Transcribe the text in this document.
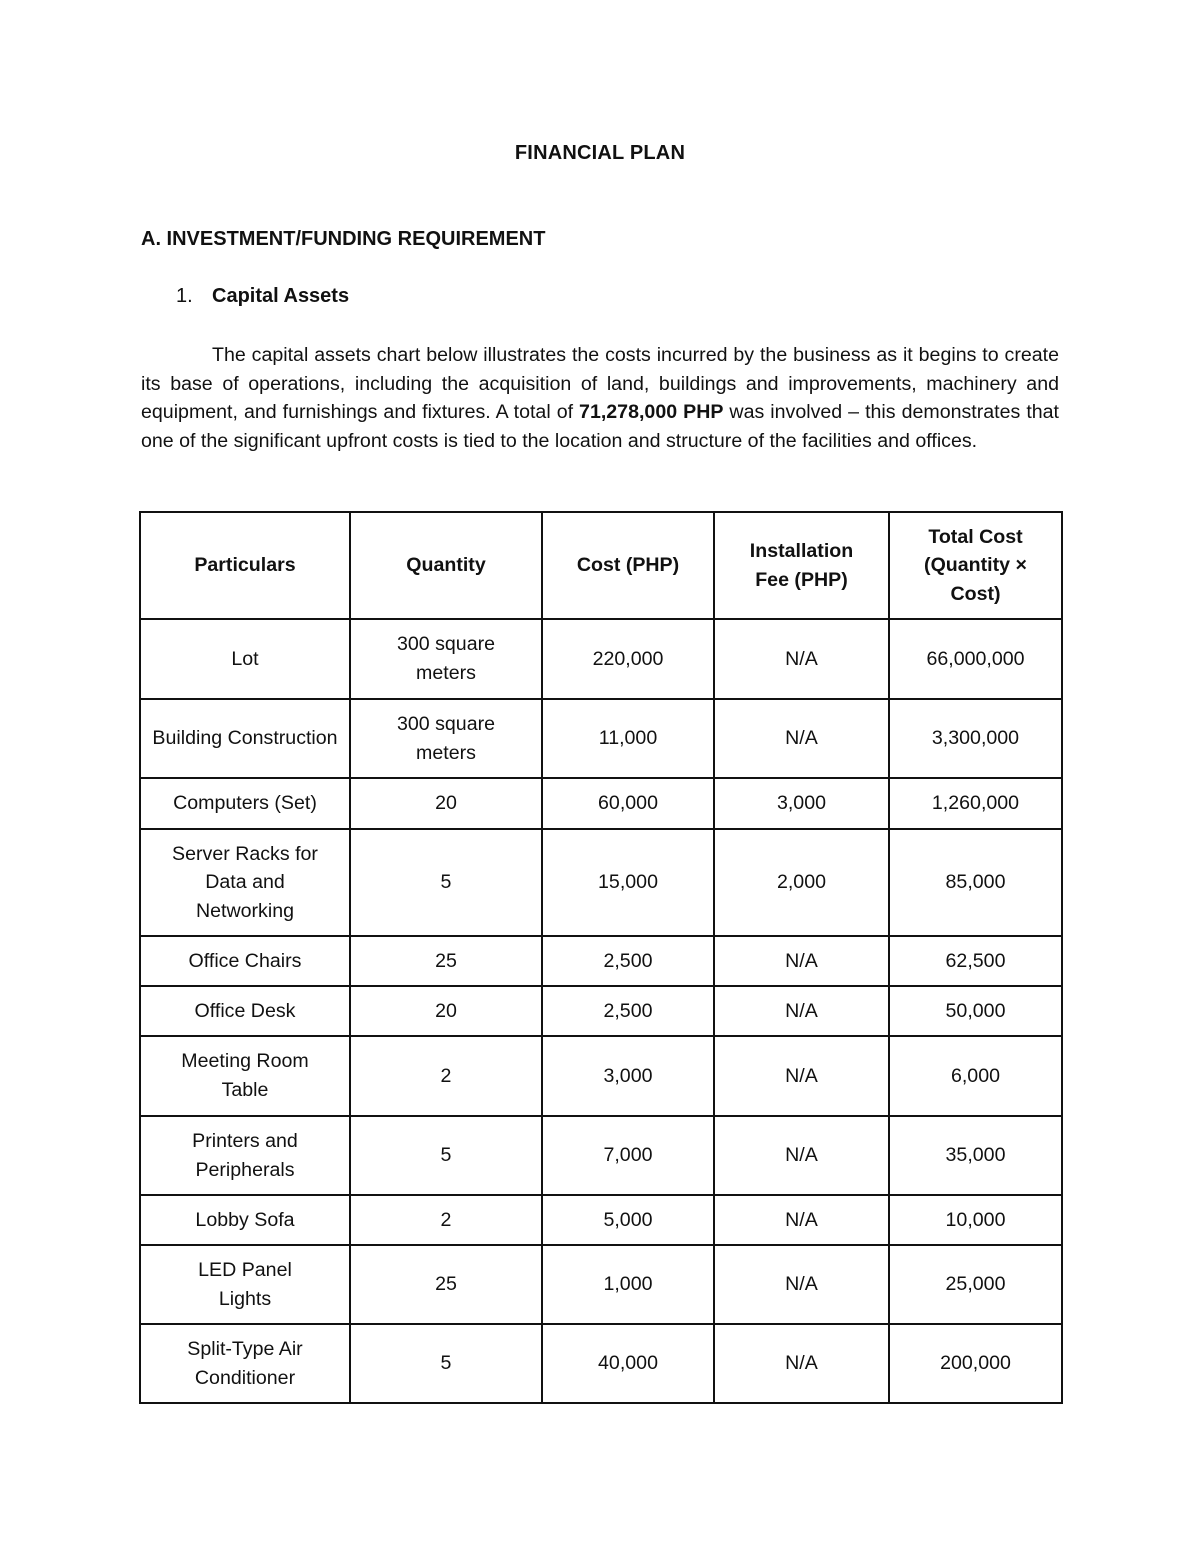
FINANCIAL PLAN
A. INVESTMENT/FUNDING REQUIREMENT
1. Capital Assets

The capital assets chart below illustrates the costs incurred by the business as it begins to create its base of operations, including the acquisition of land, buildings and improvements, machinery and equipment, and furnishings and fixtures. A total of 71,278,000 PHP was involved – this demonstrates that one of the significant upfront costs is tied to the location and structure of the facilities and offices.

Particulars	Quantity	Cost (PHP)	Installation Fee (PHP)	Total Cost (Quantity × Cost)
Lot	300 square meters	220,000	N/A	66,000,000
Building Construction	300 square meters	11,000	N/A	3,300,000
Computers (Set)	20	60,000	3,000	1,260,000
Server Racks for Data and Networking	5	15,000	2,000	85,000
Office Chairs	25	2,500	N/A	62,500
Office Desk	20	2,500	N/A	50,000
Meeting Room Table	2	3,000	N/A	6,000
Printers and Peripherals	5	7,000	N/A	35,000
Lobby Sofa	2	5,000	N/A	10,000
LED Panel Lights	25	1,000	N/A	25,000
Split-Type Air Conditioner	5	40,000	N/A	200,000
